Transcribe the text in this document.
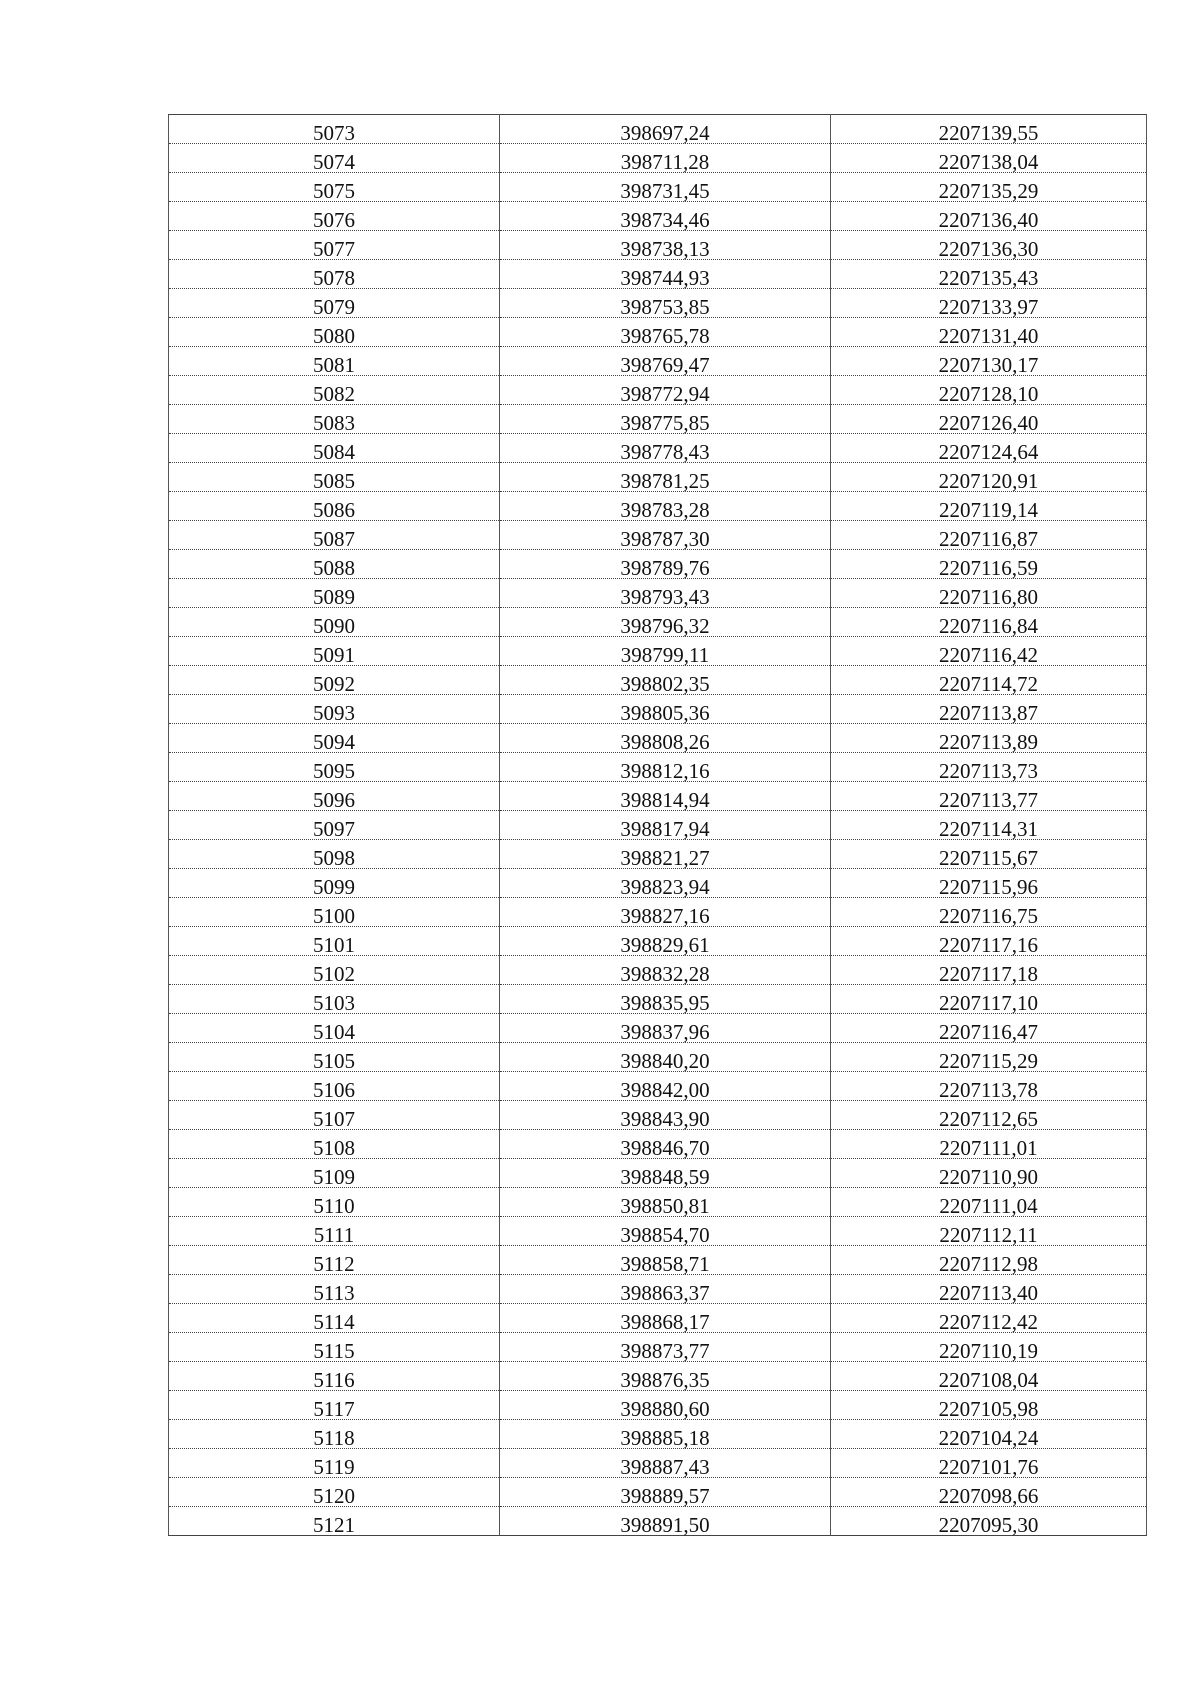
5073	398697,24	2207139,55
5074	398711,28	2207138,04
5075	398731,45	2207135,29
5076	398734,46	2207136,40
5077	398738,13	2207136,30
5078	398744,93	2207135,43
5079	398753,85	2207133,97
5080	398765,78	2207131,40
5081	398769,47	2207130,17
5082	398772,94	2207128,10
5083	398775,85	2207126,40
5084	398778,43	2207124,64
5085	398781,25	2207120,91
5086	398783,28	2207119,14
5087	398787,30	2207116,87
5088	398789,76	2207116,59
5089	398793,43	2207116,80
5090	398796,32	2207116,84
5091	398799,11	2207116,42
5092	398802,35	2207114,72
5093	398805,36	2207113,87
5094	398808,26	2207113,89
5095	398812,16	2207113,73
5096	398814,94	2207113,77
5097	398817,94	2207114,31
5098	398821,27	2207115,67
5099	398823,94	2207115,96
5100	398827,16	2207116,75
5101	398829,61	2207117,16
5102	398832,28	2207117,18
5103	398835,95	2207117,10
5104	398837,96	2207116,47
5105	398840,20	2207115,29
5106	398842,00	2207113,78
5107	398843,90	2207112,65
5108	398846,70	2207111,01
5109	398848,59	2207110,90
5110	398850,81	2207111,04
5111	398854,70	2207112,11
5112	398858,71	2207112,98
5113	398863,37	2207113,40
5114	398868,17	2207112,42
5115	398873,77	2207110,19
5116	398876,35	2207108,04
5117	398880,60	2207105,98
5118	398885,18	2207104,24
5119	398887,43	2207101,76
5120	398889,57	2207098,66
5121	398891,50	2207095,30
